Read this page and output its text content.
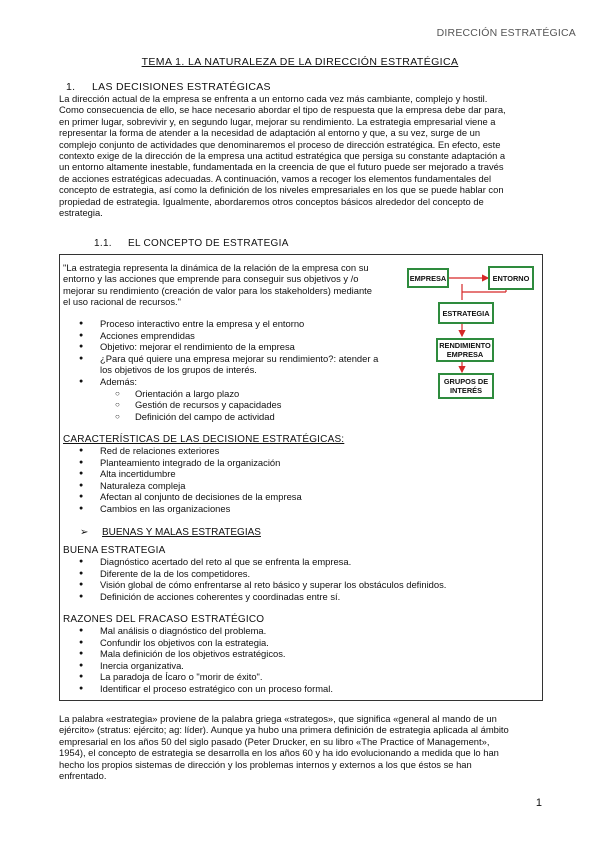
DIRECCIÓN ESTRATÉGICA
TEMA 1. LA NATURALEZA DE LA DIRECCIÓN ESTRATÉGICA
1. LAS DECISIONES ESTRATÉGICAS
La dirección actual de la empresa se enfrenta a un entorno cada vez más cambiante, complejo y hostil.
Como consecuencia de ello, se hace necesario abordar el tipo de respuesta que la empresa debe dar para,
en primer lugar, sobrevivir y, en segundo lugar, mejorar su rendimiento. La estrategia empresarial viene a
representar la forma de atender a la necesidad de adaptación al entorno y que, a su vez, surge de un
complejo conjunto de actividades que denominaremos el proceso de dirección estratégica. En efecto, este
contexto exige de la dirección de la empresa una actitud estratégica que persiga su constante adaptación a
un entorno altamente inestable, fundamentada en la creencia de que el futuro puede ser mejorado a través
de acciones estratégicas adecuadas. A continuación, vamos a recoger los elementos fundamentales del
concepto de estrategia, así como la definición de los niveles empresariales en los que se puede hablar con
propiedad de estrategia. Igualmente, abordaremos otros conceptos básicos alrededor del concepto de
estrategia.
1.1. EL CONCEPTO DE ESTRATEGIA
"La estrategia representa la dinámica de la relación de la empresa con su
entorno y las acciones que emprende para conseguir sus objetivos y /o
mejorar su rendimiento (creación de valor para los stakeholders) mediante
el uso racional de recursos."
● Proceso interactivo entre la empresa y el entorno
● Acciones emprendidas
● Objetivo: mejorar el rendimiento de la empresa
● ¿Para qué quiere una empresa mejorar su rendimiento?: atender a
los objetivos de los grupos de interés.
● Además:
○ Orientación a largo plazo
○ Gestión de recursos y capacidades
○ Definición del campo de actividad
EMPRESA	ENTORNO
ESTRATEGIA
RENDIMIENTO EMPRESA
GRUPOS DE INTERÉS
CARACTERÍSTICAS DE LAS DECISIONE ESTRATÉGICAS:
● Red de relaciones exteriores
● Planteamiento integrado de la organización
● Alta incertidumbre
● Naturaleza compleja
● Afectan al conjunto de decisiones de la empresa
● Cambios en las organizaciones
➢ BUENAS Y MALAS ESTRATEGIAS
BUENA ESTRATEGIA
● Diagnóstico acertado del reto al que se enfrenta la empresa.
● Diferente de la de los competidores.
● Visión global de cómo enfrentarse al reto básico y superar los obstáculos definidos.
● Definición de acciones coherentes y coordinadas entre sí.
RAZONES DEL FRACASO ESTRATÉGICO
● Mal análisis o diagnóstico del problema.
● Confundir los objetivos con la estrategia.
● Mala definición de los objetivos estratégicos.
● Inercia organizativa.
● La paradoja de Ícaro o "morir de éxito".
● Identificar el proceso estratégico con un proceso formal.
La palabra «estrategia» proviene de la palabra griega «strategos», que significa «general al mando de un
ejército» (stratus: ejército; ag: líder). Aunque ya hubo una primera definición de estrategia aplicada al ámbito
empresarial en los años 50 del siglo pasado (Peter Drucker, en su libro «The Practice of Management»,
1954), el concepto de estrategia se desarrolla en los años 60 y ha ido evolucionando a medida que lo han
hecho los propios sistemas de dirección y los problemas internos y externos a los que éstos se han
enfrentado.
1
